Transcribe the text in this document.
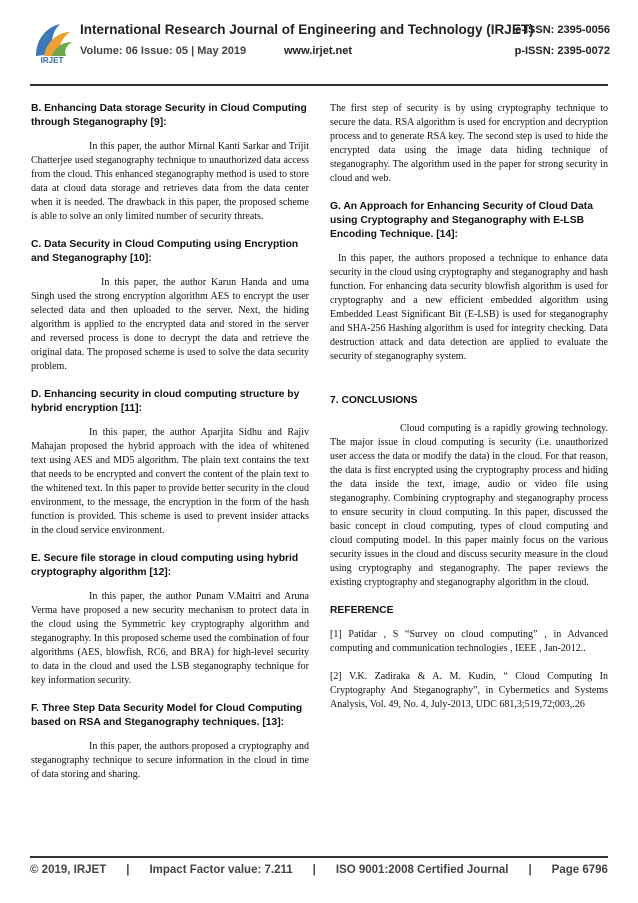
IRJET
International Research Journal of Engineering and Technology (IRJET)
e-ISSN: 2395-0056
Volume: 06 Issue: 05 | May 2019	www.irjet.net	p-ISSN: 2395-0072
B. Enhancing Data storage Security in Cloud Computing through Steganography [9]:

In this paper, the author Mirnal Kanti Sarkar and Trijit Chatterjee used steganography technique to unauthorized data access from the cloud. This enhanced steganography method is used to store data at cloud data storage and retrieves data from the data center when it is needed. The drawback in this paper, the proposed scheme is able to solve an only limited number of security threats.

C. Data Security in Cloud Computing using Encryption and Steganography [10]:

In this paper, the author Karun Handa and uma Singh used the strong encryption algorithm AES to encrypt the user selected data and then uploaded to the server. Next, the hiding algorithm is applied to the encrypted data and stored in the server and reversed process is done to decrypt the data and retrieve the original data. The proposed scheme is used to solve the data security problem.

D. Enhancing security in cloud computing structure by hybrid encryption [11]:

In this paper, the author Aparjita Sidhu and Rajiv Mahajan proposed the hybrid approach with the idea of whitened text using AES and MD5 algorithm. The plain text contains the text that needs to be encrypted and convert the content of the plain text to the whitened text. In this paper to provide better security in the cloud environment, to the message, the encryption in the form of the hash function is provided. This scheme is used to prevent insider attacks in the cloud service environment.

E. Secure file storage in cloud computing using hybrid cryptography algorithm [12]:

In this paper, the author Punam V.Maitri and Aruna Verma have proposed a new security mechanism to protect data in the cloud using the Symmetric key cryptography algorithm and steganography. In this proposed scheme used the combination of four algorithms (AES, blowfish, RC6, and BRA) for high-level security to data in the cloud and used the LSB steganography technique for key information security.

F. Three Step Data Security Model for Cloud Computing based on RSA and Steganography techniques. [13]:

In this paper, the authors proposed a cryptography and steganography technique to secure information in the cloud in time of data storing and sharing.

The first step of security is by using cryptography technique to secure the data. RSA algorithm is used for encryption and decryption process and to generate RSA key. The second step is used to hide the encrypted data using the image data hiding technique of steganography. The algorithm used in the paper for strong security in cloud and web.

G. An Approach for Enhancing Security of Cloud Data using Cryptography and Steganography with E-LSB Encoding Technique. [14]:

In this paper, the authors proposed a technique to enhance data security in the cloud using cryptography and steganography and hash function. For enhancing data security blowfish algorithm is used for cryptography and a new efficient embedded algorithm using Embedded Least Significant Bit (E-LSB) is used for steganography and SHA-256 Hashing algorithm is used for integrity checking. Data destruction attack and data detection are applied to evaluate the security of steganography system.

7. CONCLUSIONS

Cloud computing is a rapidly growing technology. The major issue in cloud computing is security (i.e. unauthorized user access the data or modify the data) in the cloud. For that reason, the data is first encrypted using the cryptography process and hiding the data inside the text, image, audio or video file using steganography. Combining cryptography and steganography process to ensure security in cloud computing. In this paper, discussed the basic concept in cloud computing, types of cloud computing and cloud computing model. In this paper mainly focus on the various security issues in the cloud and discuss security measure in the cloud using cryptography and steganography. The paper reviews the existing cryptography and steganography algorithm in the cloud.

REFERENCE

[1] Patidar , S “Survey on cloud computing” , in Advanced computing and communication technologies , IEEE , Jan-2012..

[2] V.K. Zadiraka & A. M. Kudin, “ Cloud Computing In Cryptography And Steganography”, in Cybermetics and Systems Analysis, Vol. 49, No. 4, July-2013, UDC 681,3;519,72;003,.26

© 2019, IRJET | Impact Factor value: 7.211 | ISO 9001:2008 Certified Journal | Page 6796
